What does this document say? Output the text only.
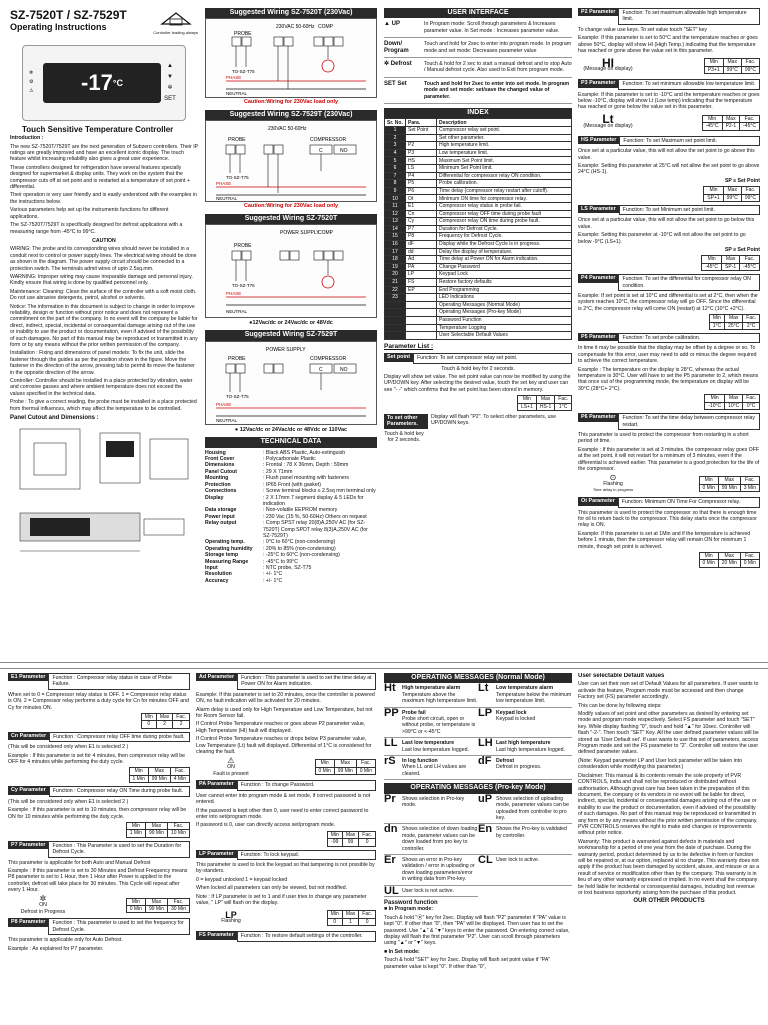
SZ-7520T / SZ-7529T
Operating Instructions
Controller leading always
❄
⚙
⚠	$-17^{^\circ C}$
▲
▼
✲
SET
Touch Sensitive Temperature Controller
Introduction :
The new SZ-7520T/7529T are the next generation of Subzero controllers. Their IP ratings are greatly improved and have an excellent iconic display. The touch feature whilst increasing reliability also gives a great user experience.
These controllers designed for refrigeration have several features specially designed for supermarket & display units. They work on the system that the compressor cuts off at set point and is restarted at a temperature of set point + differential.
Their operation is very user friendly and is easily understood with the examples in the instructions below.
Various parameters help set up the instruments functions for different applications.
The SZ-7520T/7529T is specifically designed for defrost applications with a measuring range from -45°C to 99°C.
CAUTION
WIRING: The probe and its corresponding wires should never be installed in a conduit next to control or power supply lines. The electrical wiring should be done as shown in the diagram. The power supply circuit should be connected to a protection switch. The terminals admit wires of upto 2.5sq.mm.
WARNING: Improper wiring may cause irreparable damage and personal injury. Kindly ensure that wiring is done by qualified personnel only.
Maintenance: Cleaning: Clean the surface of the controller with a soft moist cloth. Do not use abrasive detergents, petrol, alcohol or solvents.
Notice: The information in this document is subject to change in order to improve reliability, design or function without prior notice and does not represent a commitment on the part of the company. In no event will the company be liable for direct, indirect, special, incidental or consequential damage arising out of the use or inability to use the product or documentation, even if advised of the possibility of such damages. No part of this manual may be reproduced or transmitted in any form or by any means without the prior written permission of the company.
Installation : Fixing and dimensions of panel models: To fix the unit, slide the fastener through the guides as per the position shown in the figure. Move the fastener in the direction of the arrow, pressing tab to permit its move the fastener in the opposite direction of the arrow.
Controller: Controller should be installed in a place protected by vibration, water and corrosive gasses and where ambient temperature does not exceed the values specified in the technical data.
Probe : To give a correct reading, the probe must be installed in a place protected from thermal influences, which may affect the temperature to be controlled.
Panel Cutout and Dimensions :
Suggested Wiring SZ-7520T (230Vac)
230VAC 50-60Hz COMP
PROBE
TO-SZ-T75
PHASE
NEUTRAL
Caution:Wiring for 230Vac load only
Suggested Wiring SZ-7529T (230Vac)
230VAC 50-60Hz
PROBE	COMPRESSOR
C	NO
TO-SZ-T75
PHASE
NEUTRAL
Caution:Wiring for 230Vac load only
Suggested Wiring SZ-7520T
POWER SUPPLY
COMP
PROBE
TO-SZ-T75
PHASE
NEUTRAL
●12Vac/dc or 24Vac/dc or 48Vdc
Suggested Wiring SZ-7529T
POWER SUPPLY
PROBE	COMPRESSOR
C	NO
TO-SZ-T75
PHASE
NEUTRAL
● 12Vac/dc or 24Vac/dc or 48Vdc or 110Vac
TECHNICAL DATA
Housing	: Black ABS Plastic, Auto-extinguish
Front Cover	: Polycarbonate Plastic
Dimensions	: Frontal : 78 X 36mm, Depth : 59mm
Panel Cutout	: 29 X 71mm
Mounting	: Flush panel mounting with fasteners
Protection	: IP65 Front (with gasket)
Connections	: Screw terminal blocks ≤ 2.5sq mm terminal only
Display	: 2 X 17mm 7 segment display & 5 LEDs for indication
Data storage	: Non-volatile EEPROM memory
Power input	: 230 Vac (15 %, 50-60Hz) Others on request
Relay output	: Comp SPST relay 20(8)A,250V AC (for SZ-7520T) Comp SPDT relay 8(3)A,250V AC (for SZ-7529T)
Operating temp.	: 0°C to 60°C (non-condensing)
Operating humidity	: 20% to 85% (non-condensing)
Storage temp	: -25°C to 60°C (non-condensing)
Measuring Range	: -45°C to 99°C
Input	: NTC probe, SZ-T75
Resolution	: +/- 1°C
Accuracy	: +/- 1°C
USER INTERFACE
▲ UP	In Program mode: Scroll through parameters & Increases parameter value. In Set mode : Increases parameter value.
Down/ Program
Touch and hold for 2sec to enter into program mode. In program mode and set mode: Decreases parameter value
✲ Defrost	Touch & hold for 2 sec to start a manual defrost and to stop Auto / Manual defrost cycle. Also used to Exit from program mode.
SET Set	Touch and hold for 2sec to enter into set mode. In program mode and set mode: set/save the changed value of parameter.
INDEX
Sr. No.	Para.	Description
1	Set Point	Compressor relay set point.
2		Set other parameter.
3	P2	High temperature limit.
4	P3	Low temperature limit.
5	HS	Maximum Set Point limit.
6	LS	Minimum Set Point limit.
7	P4	Differential for compressor relay ON condition.
8	P5	Probe calibration.
9	P6	Time delay (compressor relay restart after cutoff).
10	Ot	Minimum ON time for compressor relay.
11	E1	Compressor relay status in probe fail.
12	Cn	Compressor relay OFF time during probe fault
13	Cy	Compressor relay ON time during probe fault.
14	P7	Duration for Defrost Cycle.
15	P8	Frequency for Defrost Cycle.
16	dF	Display while the Defrost Cycle is in progress.
17	dd	Delay the display of temperature.
18	Ad	Time delay at Power ON for Alarm indication.
19	PA	Change Password
20	LP	Keypad Lock
21	FS	Restore factory defaults
22	EP	End Programming
23		LED Indications
		Operating Messages (Normal Mode)
		Operating Messages (Pro-key Mode)
		Password Function
		Temperature Logging
		User Selectable Default Values
Parameter List :
Set point	Function: To set compressor relay set point.
Touch & hold key for 2 seconds.
Display will show set value. The set point value can now be modified by using the UP/DOWN key. After selecting the desired value, touch the set key and user can see "- -" which confirms that the set point has been stored in memory.
Min	Max	Fac.
LS+1	HS-1	1°C
To set other Parameters.
Display will flash "P2". To select other parameters, use UP/DOWN keys.
Touch & hold key for 2 seconds.
P2 Parameter	Function: To set maximum allowable high temperature limit.
To change value use keys. To set value touch "SET" key
Example: If this parameter is set to 50°C and the temperature reaches or goes above 50°C, display will show HI (High Temp.) indicating that the temperature has reached or gone above the value set in this parameter.
HI
(Message on display)
Min	Max	Fac.
P3+1	99°C	99°C
P3 Parameter	Function: To set minimum allowable low temperature limit.
Example: If this parameter is set to -10°C and the temperature reaches or goes below -10°C, display will show Lt (Low temp) indicating that the temperature has reached or gone below the value set in this parameter.
Lt
(Message on display)
Min	Max	Fac.
-45°C	P2-1	-45°C
HS Parameter	Function: To set Maximum set point limit.
Once set at a particular value, this will not allow the set point to go above this value.
Example: Setting this parameter at 25°C will not allow the set point to go above 24°C (HS-1).
SP ≤ Set Point
Min	Max	Fac.
SP+1	99°C	99°C
LS Parameter	Function: To set Minimum set point limit.
Once set at a particular value, this will not allow the set point to go below this value.
Example: Setting this parameter at -10°C will not allow the set point to go below -9°C (LS+1).
SP ≥ Set Point
Min	Max	Fac.
-45°C	SP-1	-45°C
P4 Parameter	Function: To set the differential for compressor relay ON condition.
Example: If set point is set at 10°C and differential is set at 2°C, then when the system reaches 10°C, the compressor relay will go OFF. Since the differential is 2°C, the compressor relay will come ON (restart) at 12°C (10°C +2°C).
Min	Max	Fac.
1°C	25°C	2°C
P5 Parameter	Function: To set probe calibration.
In time it may be possible that the display may be offset by a degree or so. To compensate for this error, user may need to add or minus the degree required to achieve the correct temperature.
Example : The temperature on the display is 28°C, whereas the actual temperature is 30°C. User will have to set the P5 parameter to 2, which means that once out of the programming mode, the temperature on display will be 30°C (28°C+ 2°C).
Min	Max	Fac.
-10°C	10°C	0°C
P6 Parameter	Function: To set the time delay between compressor relay restart.
This parameter is used to protect the compressor from restarting in a short period of time.
Example : If this parameter is set at 3 minutes, the compressor relay goes OFF at the set point, it will not restart for a minimum of 3 minutes, even if the differential is achieved earlier. This parameter is a good protection for the life of the compressor.
⊙
Flashing
Time delay in progress
Min	Max	Fac.
0 Min	99 Min	3 Min
Ot Parameter	Function: Minimum ON Time For Compressor relay.
This parameter is used to protect the compressor so that there is enough time for oil to return back to the compressor. This delay starts once the compressor relay is ON.
Example: If this parameter is set at 1Min and if the temperature is achieved before 1 minute, then the compressor relay will remain ON for minimum 1 minute, though set point is achieved.
Min	Max	Fac.
0 Min	20 Min	0 Min
E1 Parameter	Function : Compressor relay status in case of Probe Failure.
When set to 0 = Compressor relay status is OFF. 1 = Compressor relay status is ON. 2 = Compressor relay performs a duty cycle for Cn for minutes OFF and Cy for minutes ON.
Min	Max	Fac.
0	2	2
Cn Parameter	Function : Compressor relay OFF time during probe fault.
(This will be considered only when E1 is selected 2 )
Example : If this parameter is set for 4 minutes, then compressor relay will be OFF for 4 minutes while performing the duty cycle.
Min	Max	Fac.
1 Min	99 Min	4 Min
Cy Parameter	Function : Compressor relay ON Time during probe fault.
(This will be considered only when E1 is selected 2 )
Example : If this parameter is set to 10 minutes, then compressor relay will be ON for 10 minutes while performing the duty cycle.
Min	Max	Fac.
1 Min	99 Min	10 Min
P7 Parameter	Function : This Parameter is used to set the Duration for Defrost Cycle.
This parameter is applicable for both Auto and Manual Defrost
Example : If this parameter is set to 30 Minutes and Defrost Frequency means P8 parameter is set to 1 Hour, then 1 Hour after Power is applied to the controller, defrost will take place for 30 minutes. This Cycle will repeat after every 1 Hour.
✲
ON
Defrost in Progress
Min	Max	Fac.
0 Min	99 Min	30 Min
P8 Parameter	Function : This parameter is used to set the frequency for Defrost Cycle.
This parameter is applicable only for Auto Defrost.
Example : As explained for P7 parameter.
Ad Parameter	Function : This parameter is used to set the time delay at Power ON for Alarm indication.
Example: If this parameter is set to 20 minutes, once the controller is powered ON, no fault indication will be activated for 20 minutes.
Alarm delay is used only for High Temperature and Low Temperature, but not for Room Sensor fail.
If Control Probe Temperature reaches or goes above P2 parameter value, High Temperature (HI) fault will displayed.
If Control Probe Temperature reaches or drops below P3 parameter value, Low Temperature (Lt) fault will displayed. Differential of 1°C is considered for clearing the fault.
⚠
ON
Fault is present
Min	Max	Fac.
0 Min	99 Min	0 Min
PA Parameter	Function : To change Password.
User cannot enter into program mode & set mode, if correct password is not entered.
If the password is kept other then 0, user need to enter correct password to enter into set/program mode.
If password is 0, user can directly access set/program mode.
Min	Max	Fac.
-99	99	0
LP Parameter	Function: To lock keypad.
This parameter is used to lock the keypad so that tampering is not possible by by-standers.
0 = keypad unlocked 1 = keypad locked
When locked all parameters can only be viewed, but not modified.
Note : If LP parameter is set to 1 and if user tries to change any parameter value, " LP" will flash on the display.
LP
Flashing
Min	Max	Fac.
0	1	0
FS Parameter	Function : To restore default settings of the controller.
OPERATING MESSAGES (Normal Mode)
Ht	High temperature alarm
Temperature above the maximum high temperature limit.
Lt	Low temperature alarm
Temperature below the minimum low temperature limit.
PP Probe fail
Probe short circuit, open or without probe, or temperature is >99°C or <-45°C
LP Keypad lock
Keypad is locked
LL Last low temperature
Last low temperature logged.
LH Last high temperature
Last high temperature logged.
rS	In log function
When LL and LH values are cleared.
dF Defrost
Defrost in progress.
OPERATING MESSAGES (Pro-key Mode)
Pr	Shows selection in Pro-key mode.
uP Shows selection of uploading mode, parameter values can be uploaded from controller to pro key.
dn Shows selection of down loading mode, parameter values can be down loaded from pro key to controller.
En Shows the Pro-key is validated by controller.
Er	Shows an error in Pro-key validation / error in uploading or down loading parameters/error in writing data from Pro-key.
CL User lock is active.
UL User lock is not active.
Password function
■ In Program mode:
Touch & hold "⦿" key for 2sec. Display will flash "P2" parameter if "PA" value is kept "0". If other than "0", then "PA" will be displayed. Then user has to set the password. Use "▲" & "▼" keys to enter the password. On entering correct value, display will flash the first parameter "P2". User can scroll through parameters using "▲" or "▼" keys.
■ In Set mode:
Touch & hold "SET" key for 2sec. Display will flash set point value if "PA" parameter value is kept "0". If other than "0",
User selectable Default values
User can set their own set of Default Values for all parameters. If user wants to activate this feature, Program mode must be accessed and then change Factory set (FS) parameter accordingly.
This can be done by following steps:
Modify values of set point and other parameters as desired by entering set mode and program mode respectively. Select FS parameter and touch "SET" key. While display flashing "0", touch and hold "▲" for 10sec. Controller will flash "-2-". Then touch "SET" Key. All the user defined parameter values will be stored as 'User Default set'. If user wants to use this set of parameters, access Program mode and set the FS parameter to "2". Controller will restore the user defined parameter values.
(Note: Keypad parameter LP and User lock parameter will be taken into consideration while modifying this parameter.)
Disclaimer: This manual & its contents remain the sole property of PVR CONTROLS, India and shall not be reproduced or distributed without authorisation. Although great care has been taken in the preparation of this document, the company or its vendors in no event will be liable for direct, indirect, special, incidental or consequential damages arising out of the use or inability to use the product or documentation, even if advised of the possibility of such damages. No part of this manual may be reproduced or transmitted in any form or by any means without the prior written permission of the company. PVR CONTROLS reserves the right to make and changes or improvements without prior notice.
Warranty: This product is warranted against defects in materials and workmanship for a period of one year from the date of purchase. During the warranty period, product determined by us to be defective in form or function will be repaired or, at our option, replaced at no charge. This warranty does not apply if the product has been damaged by accident, abuse, and misuse or as a result of service or modification other than by the company. This warranty is in lieu of any other warranty expressed or implied. In no event shall the company be held liable for incidental or consequential damages, including lost revenue or lost business opportunity arising from the purchase of this product.
OUR OTHER PRODUCTS
